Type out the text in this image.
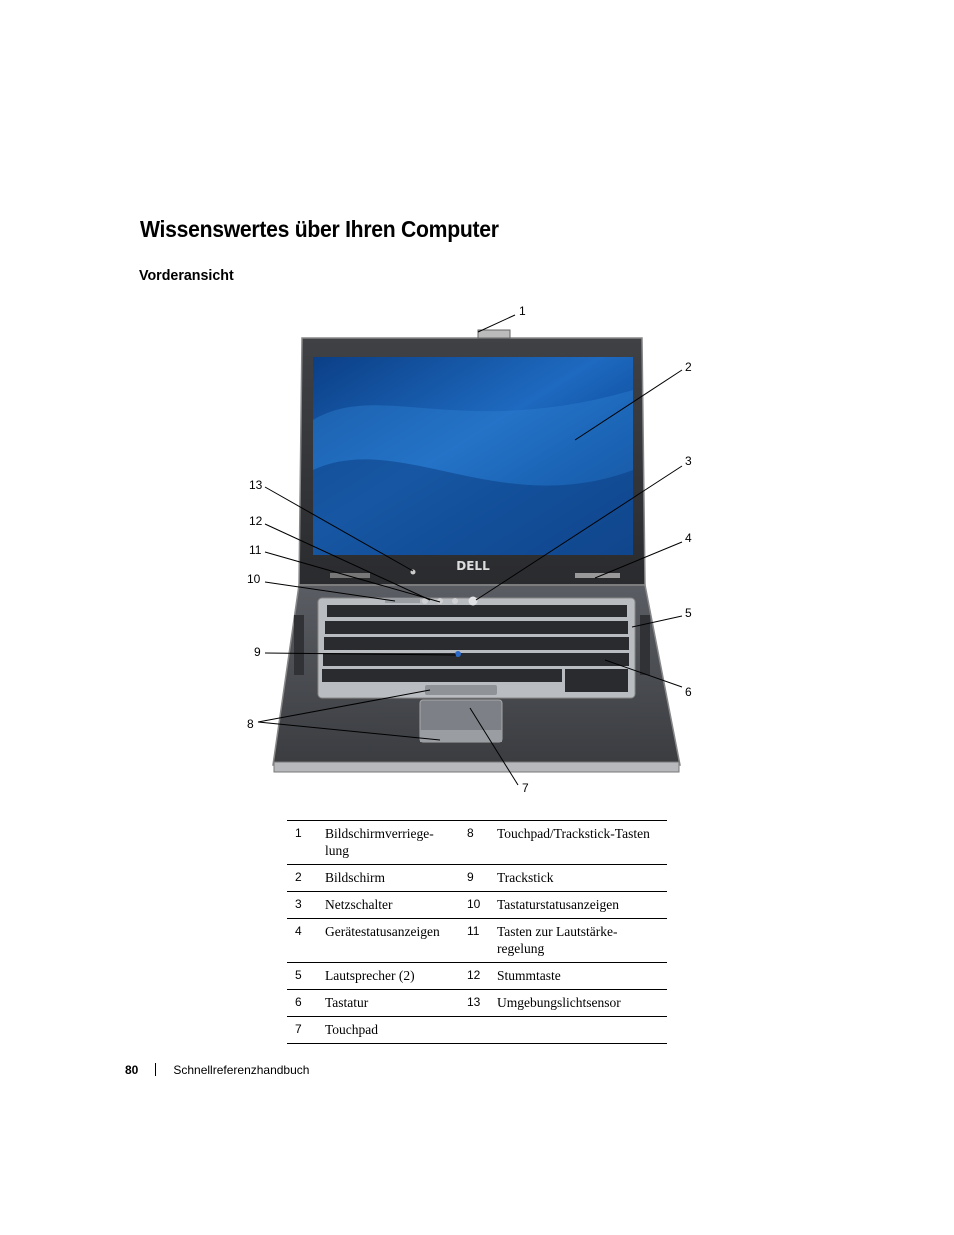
Wissenswertes über Ihren Computer
Vorderansicht
DELL
1
2
3
4
5
6
7
8
9
10
11
12
13
1	Bildschirmverriege-
lung	8	Touchpad/Trackstick-Tasten
2	Bildschirm	9	Trackstick
3	Netzschalter	10	Tastaturstatusanzeigen
4	Gerätestatusanzeigen	11	Tasten zur Lautstärke-
regelung
5	Lautsprecher (2)	12	Stummtaste
6	Tastatur	13	Umgebungslichtsensor
7	Touchpad		
80	Schnellreferenzhandbuch
